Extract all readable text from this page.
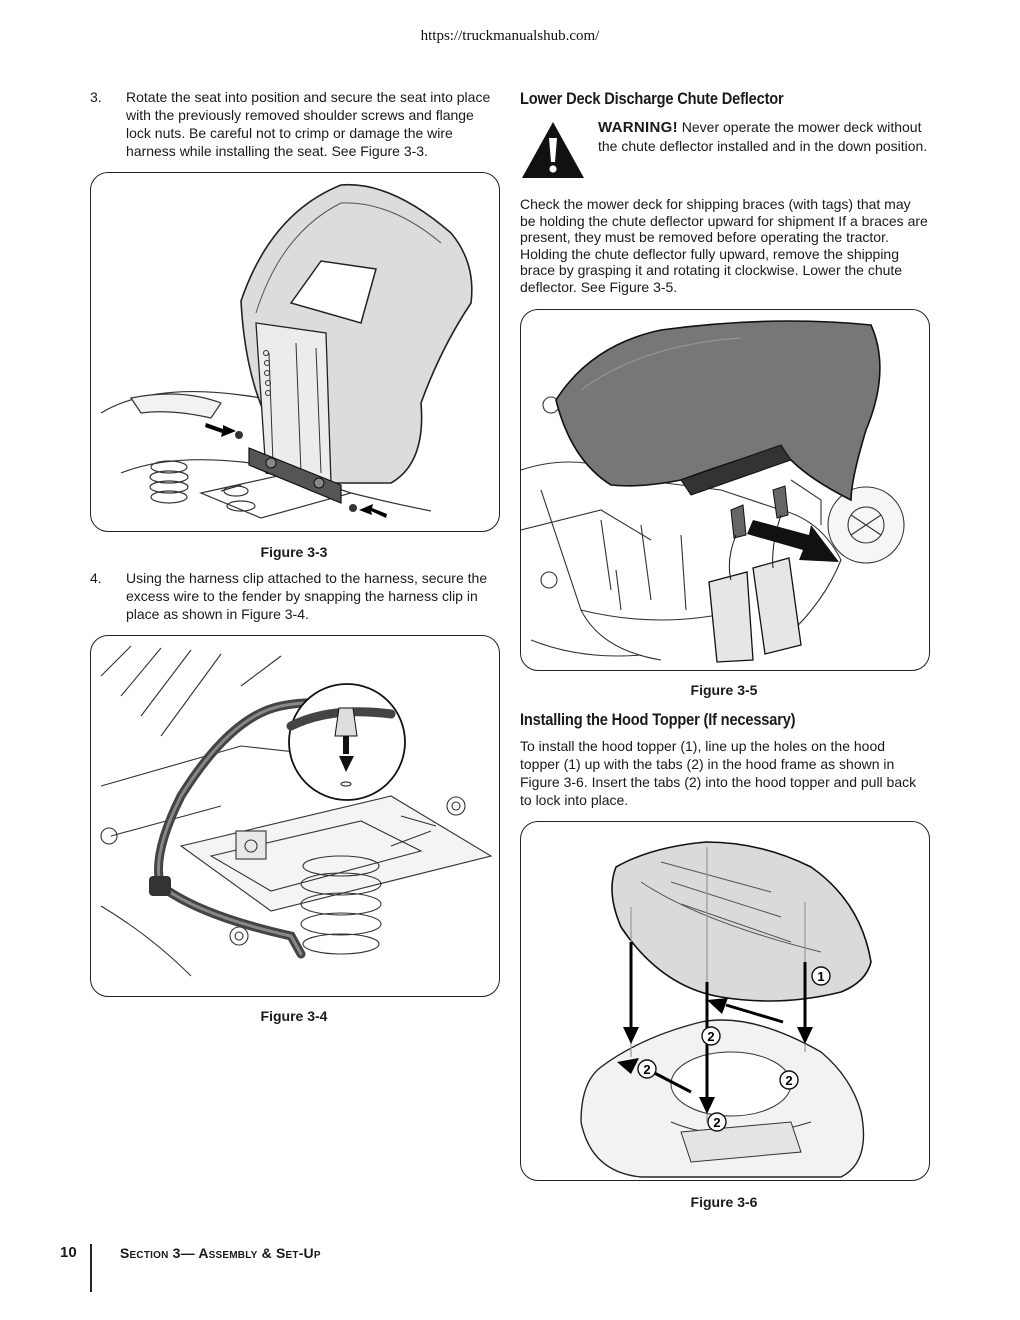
https://truckmanualshub.com/
3. Rotate the seat into position and secure the seat into place with the previously removed shoulder screws and flange lock nuts. Be careful not to crimp or damage the wire harness while installing the seat. See Figure 3-3.
Figure 3-3
4. Using the harness clip attached to the harness, secure the excess wire to the fender by snapping the harness clip in place as shown in Figure 3-4.
Figure 3-4
Lower Deck Discharge Chute Deflector
WARNING! Never operate the mower deck without the chute deflector installed and in the down position.
Check the mower deck for shipping braces (with tags) that may be holding the chute deflector upward for shipment If a braces are present, they must be removed before operating the tractor. Holding the chute deflector fully upward, remove the shipping brace by grasping it and rotating it clockwise. Lower the chute deflector. See Figure 3-5.
Figure 3-5
Installing the Hood Topper (If necessary)
To install the hood topper (1), line up the holes on the hood topper (1) up with the tabs (2) in the hood frame as shown in Figure 3-6. Insert the tabs (2) into the hood topper and pull back to lock into place.
1
2
2
2
2
Figure 3-6
10	Section 3— Assembly & Set-Up
